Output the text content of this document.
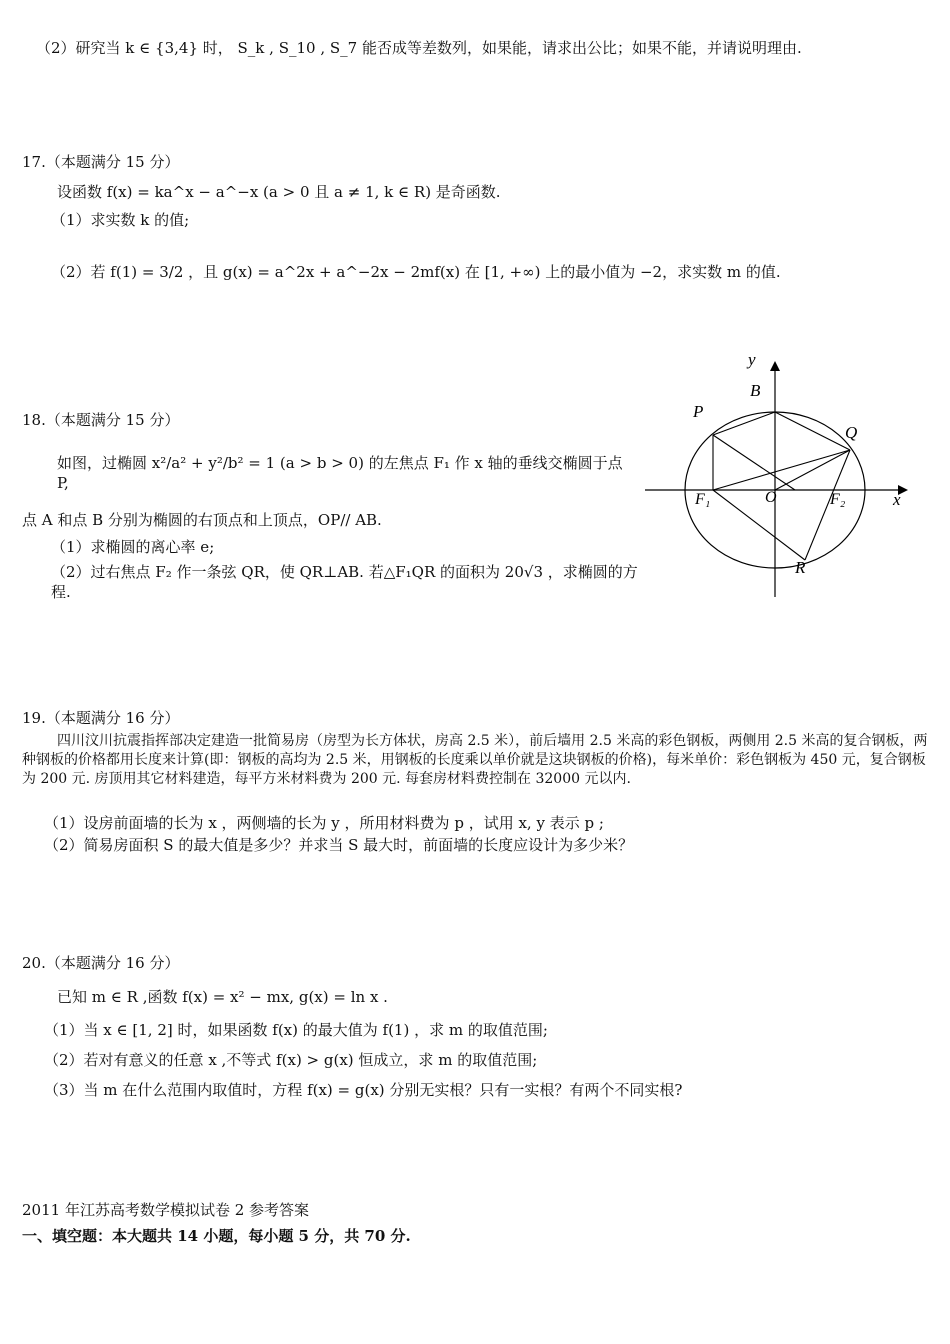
（2）研究当 k ∈ {3,4} 时， S_k , S_10 , S_7 能否成等差数列，如果能，请求出公比；如果不能，并请说明理由.
17.（本题满分 15 分）
设函数 f(x) = ka^x − a^−x (a > 0 且 a ≠ 1, k ∈ R) 是奇函数.
（1）求实数 k 的值;
（2）若 f(1) = 3/2 ，且 g(x) = a^2x + a^−2x − 2mf(x) 在 [1, +∞) 上的最小值为 −2，求实数 m 的值.
18.（本题满分 15 分）
如图，过椭圆 x²/a² + y²/b² = 1 (a > b > 0) 的左焦点 F₁ 作 x 轴的垂线交椭圆于点 P,
点 A 和点 B 分别为椭圆的右顶点和上顶点，OP// AB.
（1）求椭圆的离心率 e;
（2）过右焦点 F₂ 作一条弦 QR，使 QR⊥AB. 若△F₁QR 的面积为 20√3 ，求椭圆的方程.
y
x
B
P
Q
O
F₁	F₂
R
19.（本题满分 16 分）
四川汶川抗震指挥部决定建造一批简易房（房型为长方体状，房高 2.5 米），前后墙用 2.5 米高的彩色钢板，两侧用 2.5 米高的复合钢板，两种钢板的价格都用长度来计算(即：钢板的高均为 2.5 米，用钢板的长度乘以单价就是这块钢板的价格)，每米单价：彩色钢板为 450 元，复合钢板为 200 元. 房顶用其它材料建造，每平方米材料费为 200 元. 每套房材料费控制在 32000 元以内.
（1）设房前面墙的长为 x ，两侧墙的长为 y ，所用材料费为 p ，试用 x, y 表示 p ;
（2）简易房面积 S 的最大值是多少？并求当 S 最大时，前面墙的长度应设计为多少米？
20.（本题满分 16 分）
已知 m ∈ R ,函数 f(x) = x² − mx, g(x) = ln x .
（1）当 x ∈ [1, 2] 时，如果函数 f(x) 的最大值为 f(1) ，求 m 的取值范围;
（2）若对有意义的任意 x ,不等式 f(x) > g(x) 恒成立，求 m 的取值范围;
（3）当 m 在什么范围内取值时，方程 f(x) = g(x) 分别无实根？只有一实根？有两个不同实根?
2011 年江苏高考数学模拟试卷 2 参考答案
一、填空题：本大题共 14 小题，每小题 5 分，共 70 分.
